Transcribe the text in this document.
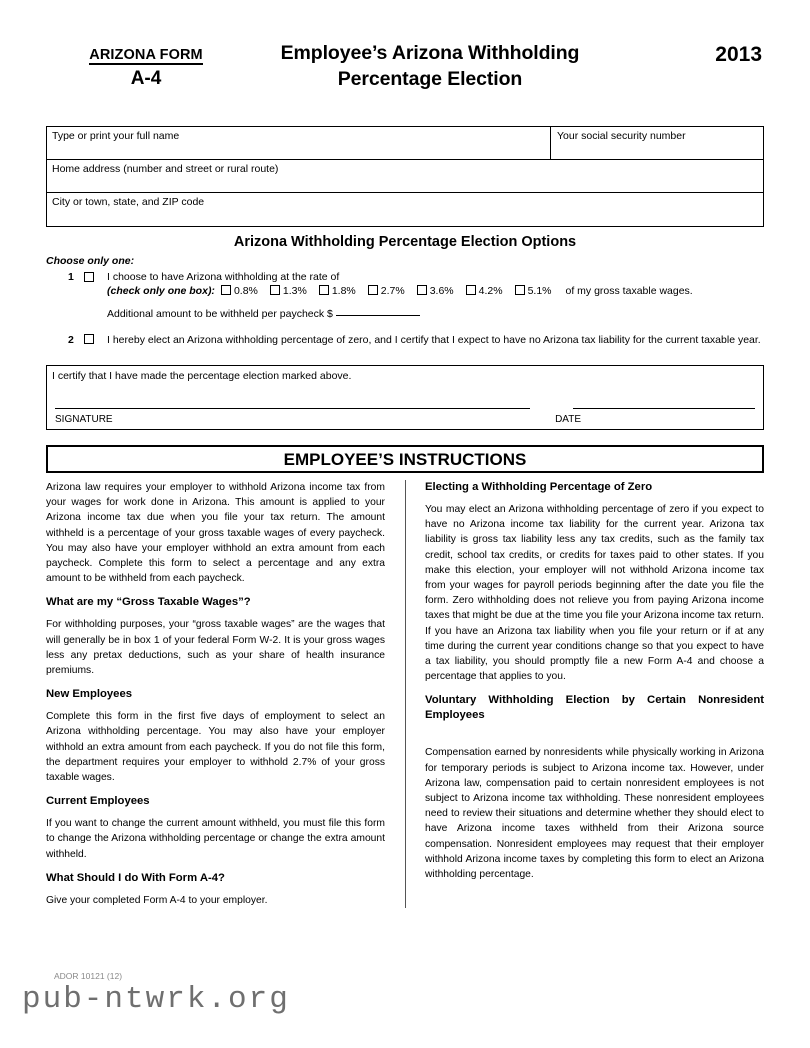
ARIZONA FORM
A-4
Employee’s Arizona Withholding
Percentage Election
2013
Type or print your full name	Your social security number
Home address (number and street or rural route)
City or town, state, and ZIP code
Arizona Withholding Percentage Election Options
Choose only one:
1	I choose to have Arizona withholding at the rate of
(check only one box): 0.8% 1.3% 1.8% 2.7% 3.6% 4.2% 5.1% of my gross taxable wages.
Additional amount to be withheld per paycheck $
2	I hereby elect an Arizona withholding percentage of zero, and I certify that I expect to have no Arizona tax liability for the current taxable year.
I certify that I have made the percentage election marked above.
SIGNATURE	DATE
EMPLOYEE’S INSTRUCTIONS

Arizona law requires your employer to withhold Arizona income tax from your wages for work done in Arizona. This amount is applied to your Arizona income tax due when you file your tax return. The amount withheld is a percentage of your gross taxable wages of every paycheck. You may also have your employer withhold an extra amount from each paycheck. Complete this form to select a percentage and any extra amount to be withheld from each paycheck.

What are my “Gross Taxable Wages”?

For withholding purposes, your “gross taxable wages” are the wages that will generally be in box 1 of your federal Form W-2. It is your gross wages less any pretax deductions, such as your share of health insurance premiums.

New Employees

Complete this form in the first five days of employment to select an Arizona withholding percentage. You may also have your employer withhold an extra amount from each paycheck. If you do not file this form, the department requires your employer to withhold 2.7% of your gross taxable wages.

Current Employees

If you want to change the current amount withheld, you must file this form to change the Arizona withholding percentage or change the extra amount withheld.

What Should I do With Form A-4?

Give your completed Form A-4 to your employer.

Electing a Withholding Percentage of Zero

You may elect an Arizona withholding percentage of zero if you expect to have no Arizona income tax liability for the current year. Arizona tax liability is gross tax liability less any tax credits, such as the family tax credit, school tax credits, or credits for taxes paid to other states. If you make this election, your employer will not withhold Arizona income tax from your wages for payroll periods beginning after the date you file the form. Zero withholding does not relieve you from paying Arizona income taxes that might be due at the time you file your Arizona income tax return. If you have an Arizona tax liability when you file your return or if at any time during the current year conditions change so that you expect to have a tax liability, you should promptly file a new Form A-4 and choose a percentage that applies to you.

Voluntary Withholding Election by Certain Nonresident Employees

Compensation earned by nonresidents while physically working in Arizona for temporary periods is subject to Arizona income tax. However, under Arizona law, compensation paid to certain nonresident employees is not subject to Arizona income tax withholding. These nonresident employees need to review their situations and determine whether they should elect to have Arizona income taxes withheld from their Arizona source compensation. Nonresident employees may request that their employer withhold Arizona income taxes by completing this form to elect an Arizona withholding percentage.

ADOR 10121 (12)
pub-ntwrk.org
